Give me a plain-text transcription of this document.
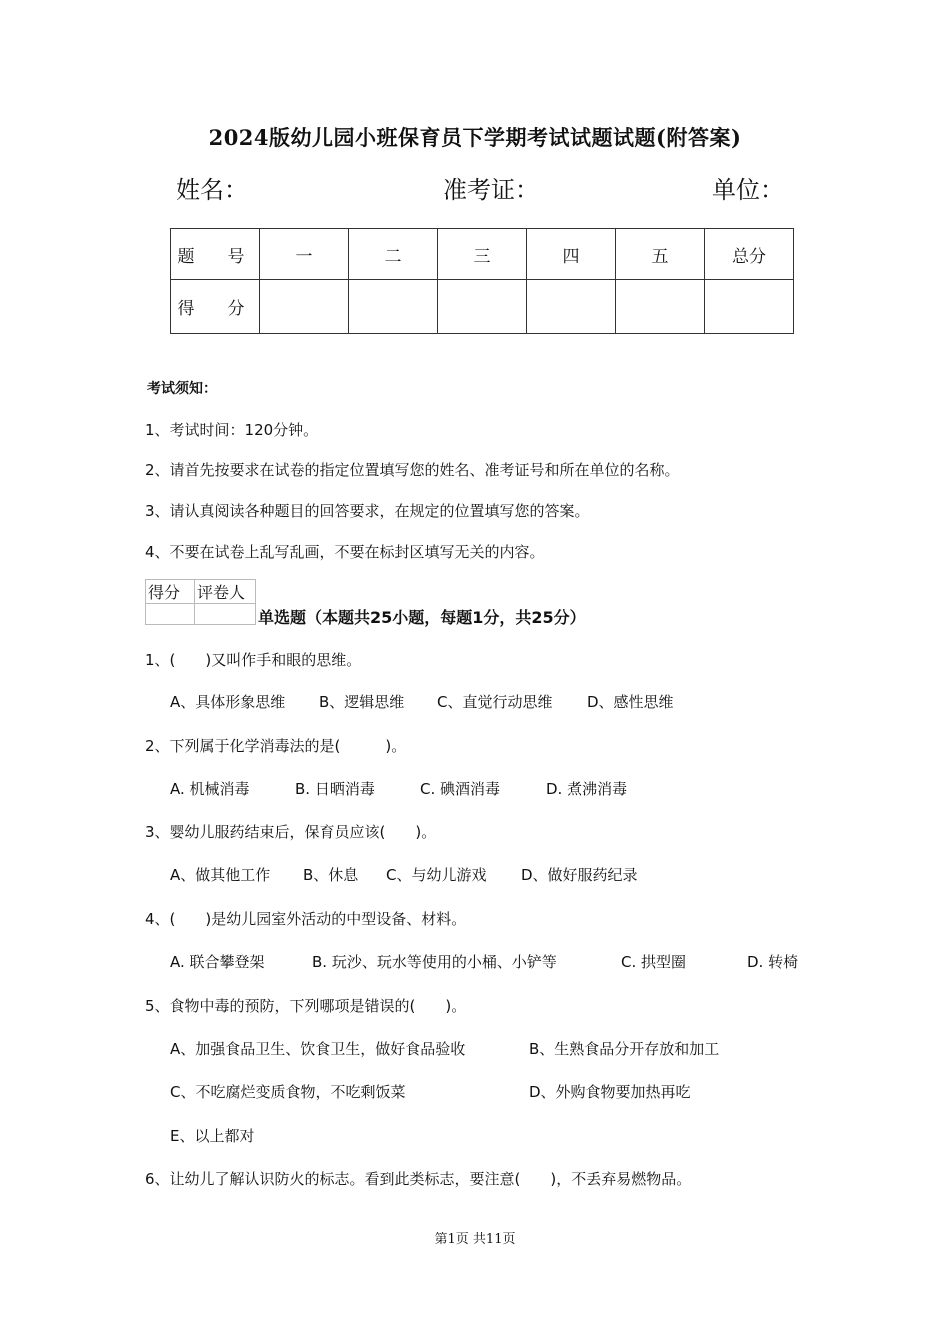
2024版幼儿园小班保育员下学期考试试题试题(附答案)
姓名：	准考证：	单位：
题　号	一	二	三	四	五	总分
得　分						
考试须知：
1、考试时间：120分钟。
2、请首先按要求在试卷的指定位置填写您的姓名、准考证号和所在单位的名称。
3、请认真阅读各种题目的回答要求，在规定的位置填写您的答案。
4、不要在试卷上乱写乱画，不要在标封区填写无关的内容。
得分	评卷人

单选题（本题共25小题，每题1分，共25分）
1、(　　)又叫作手和眼的思维。
A、具体形象思维 B、逻辑思维 C、直觉行动思维 D、感性思维
2、下列属于化学消毒法的是(　　　)。
A. 机械消毒	B. 日晒消毒	C. 碘酒消毒	D. 煮沸消毒
3、婴幼儿服药结束后，保育员应该(　　)。
A、做其他工作 B、休息 C、与幼儿游戏 D、做好服药纪录
4、(　　)是幼儿园室外活动的中型设备、材料。
A. 联合攀登架	B. 玩沙、玩水等使用的小桶、小铲等	C. 拱型圈	D. 转椅
5、食物中毒的预防，下列哪项是错误的(　　)。
A、加强食品卫生、饮食卫生，做好食品验收	B、生熟食品分开存放和加工
C、不吃腐烂变质食物，不吃剩饭菜	D、外购食物要加热再吃
E、以上都对
6、让幼儿了解认识防火的标志。看到此类标志，要注意(　　)，不丢弃易燃物品。
第1页 共11页
